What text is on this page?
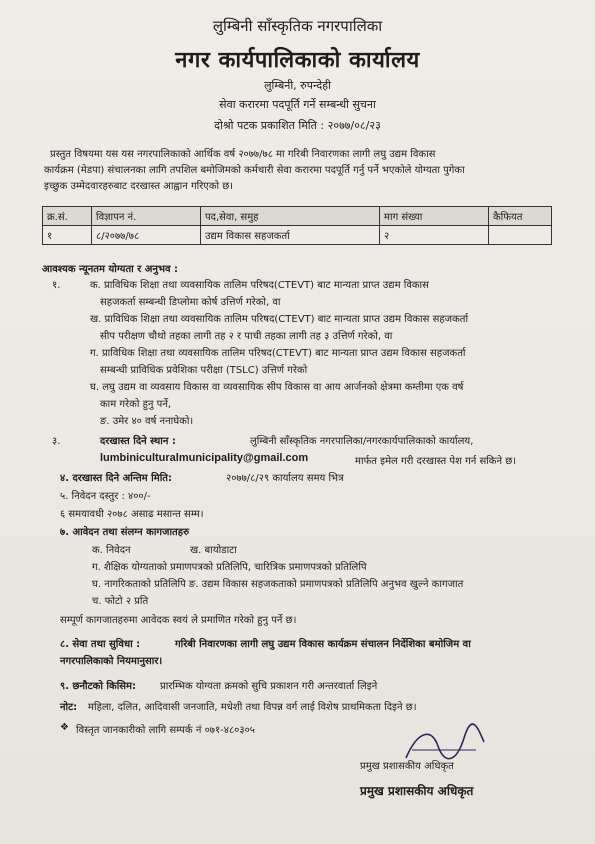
लुम्बिनी साँस्कृतिक नगरपालिका
नगर कार्यपालिकाको कार्यालय
लुम्बिनी, रुपन्देही
सेवा करारमा पदपूर्ति गर्ने सम्बन्धी सुचना
दोश्रो पटक प्रकाशित मिति : २०७७/०८/२३
प्रस्तुत विषयमा यस यस नगरपालिकाको आर्थिक वर्ष २०७७/७८ मा गरिबी निवारणका लागी लघु उद्यम विकास
कार्यक्रम (मेडपा) संचालनका लागि तपशिल बमोजिमको कर्मचारी सेवा करारमा पदपूर्ति गर्नु पर्ने भएकोले योग्यता पुगेका
इच्छुक उम्मेदवारहरुबाट दरखास्त आह्वान गरिएको छ।
क्र.सं.	विज्ञापन नं.	पद,सेवा, समुह	माग संख्या	कैफियत
१	८/२०७७/७८	उद्यम विकास सहजकर्ता	२	
आवश्यक न्यूनतम योग्यता र अनुभव :
१.	क. प्राविधिक शिक्षा तथा व्यवसायिक तालिम परिषद(CTEVT) बाट मान्यता प्राप्त उद्यम विकास
सहजकर्ता सम्बन्धी डिप्लोमा कोर्ष उत्तिर्ण गरेको, वा
ख. प्राविधिक शिक्षा तथा व्यवसायिक तालिम परिषद(CTEVT) बाट मान्यता प्राप्त उद्यम विकास सहजकर्ता
सीप परीक्षण चौथो तहका लागी तह २ र पाची तहका लागी तह ३ उत्तिर्ण गरेको, वा
ग. प्राविधिक शिक्षा तथा व्यवसायिक तालिम परिषद(CTEVT) बाट मान्यता प्राप्त उद्यम विकास सहजकर्ता
सम्बन्धी प्राविधिक प्रवेशिका परीक्षा (TSLC) उत्तिर्ण गरेको
घ. लघु उद्यम वा व्यवसाय विकास वा व्यवसायिक सीप विकास वा आय आर्जनको क्षेत्रमा कम्तीमा एक वर्ष
काम गरेको हुनु पर्ने,
ङ. उमेर ४० वर्ष ननाघेको।
३.	दरखास्त दिने स्थान :	लुम्बिनी साँस्कृतिक नगरपालिका/नगरकार्यपालिकाको कार्यालय,
lumbiniculturalmunicipality@gmail.com	मार्फत इमेल गरी दरखास्त पेश गर्न सकिने छ।
४. दरखास्त दिने अन्तिम मिति:	२०७७/८/२९ कार्यालय समय भित्र
५. निवेदन दस्तुर : ४००/-
६ समयावधी २०७८ असाढ मसान्त सम्म।
७. आवेदन तथा संलग्न कागजातहरु
क. निवेदन	ख. बायोडाटा
ग. शैक्षिक योग्यताको प्रमाणपत्रको प्रतिलिपि, चारित्रिक प्रमाणपत्रको प्रतिलिपि
घ. नागरिकताको प्रतिलिपि ङ. उद्यम विकास सहजकताको प्रमाणपत्रको प्रतिलिपि अनुभव खुल्ने कागजात
च. फोटो २ प्रति
सम्पूर्ण कागजातहरुमा आवेदक स्वयं ले प्रमाणित गरेको हुनु पर्ने छ।
८. सेवा तथा सुविधा :	गरिबी निवारणका लागी लघु उद्यम विकास कार्यक्रम संचालन निर्देशिका बमोजिम वा
नगरपालिकाको नियमानुसार।
९. छनौटको किसिम: प्रारम्भिक योग्यता क्रमको सुचि प्रकाशन गरी अन्तरवार्ता लिइने
नोट: महिला, दलित, आदिवासी जनजाति, मधेशी तथा विपन्न वर्ग लाई विशेष प्राथमिकता दिइने छ।
❖ विस्तृत जानकारीको लागि सम्पर्क नं ०७१-४८०३०५
प्रमुख प्रशासकीय अधिकृत
प्रमुख प्रशासकीय अधिकृत
